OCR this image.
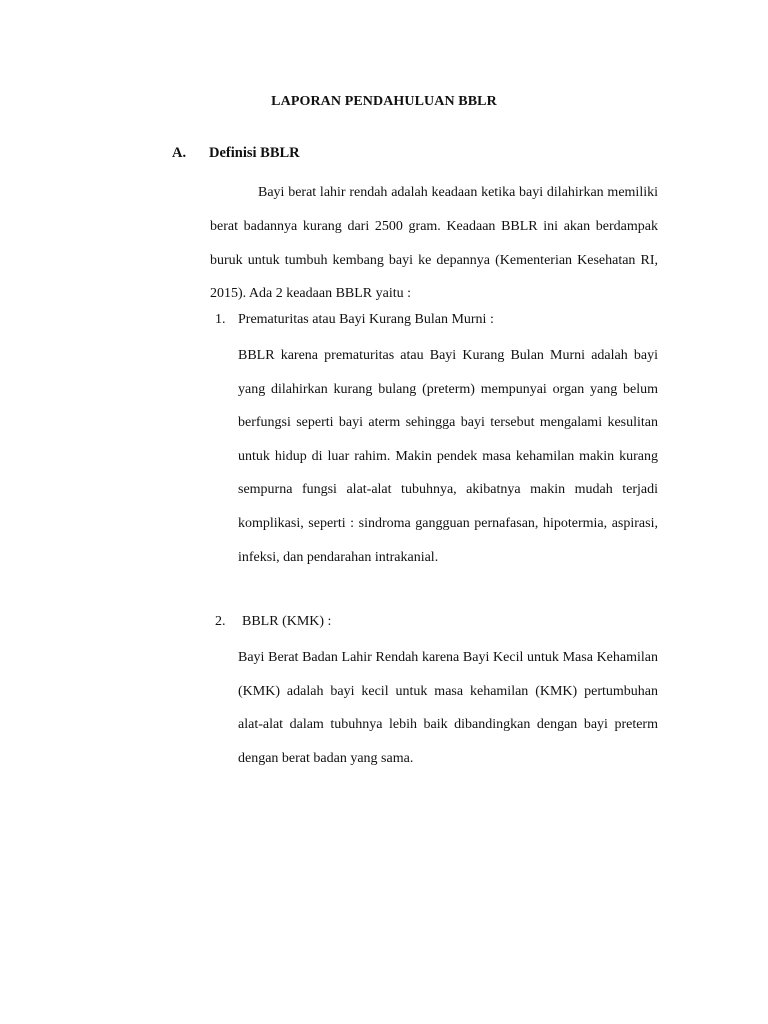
LAPORAN PENDAHULUAN BBLR
A.	Definisi BBLR

Bayi berat lahir rendah adalah keadaan ketika bayi dilahirkan memiliki berat badannya kurang dari 2500 gram. Keadaan BBLR ini akan berdampak buruk untuk tumbuh kembang bayi ke depannya (Kementerian Kesehatan RI, 2015). Ada 2 keadaan BBLR yaitu :

1. Prematuritas atau Bayi Kurang Bulan Murni :

BBLR karena prematuritas atau Bayi Kurang Bulan Murni adalah bayi yang dilahirkan kurang bulang (preterm) mempunyai organ yang belum berfungsi seperti bayi aterm sehingga bayi tersebut mengalami kesulitan untuk hidup di luar rahim. Makin pendek masa kehamilan makin kurang sempurna fungsi alat-alat tubuhnya, akibatnya makin mudah terjadi komplikasi, seperti : sindroma gangguan pernafasan, hipotermia, aspirasi, infeksi, dan pendarahan intrakanial.

2.	BBLR (KMK) :

Bayi Berat Badan Lahir Rendah karena Bayi Kecil untuk Masa Kehamilan (KMK) adalah bayi kecil untuk masa kehamilan (KMK) pertumbuhan alat-alat dalam tubuhnya lebih baik dibandingkan dengan bayi preterm dengan berat badan yang sama.
